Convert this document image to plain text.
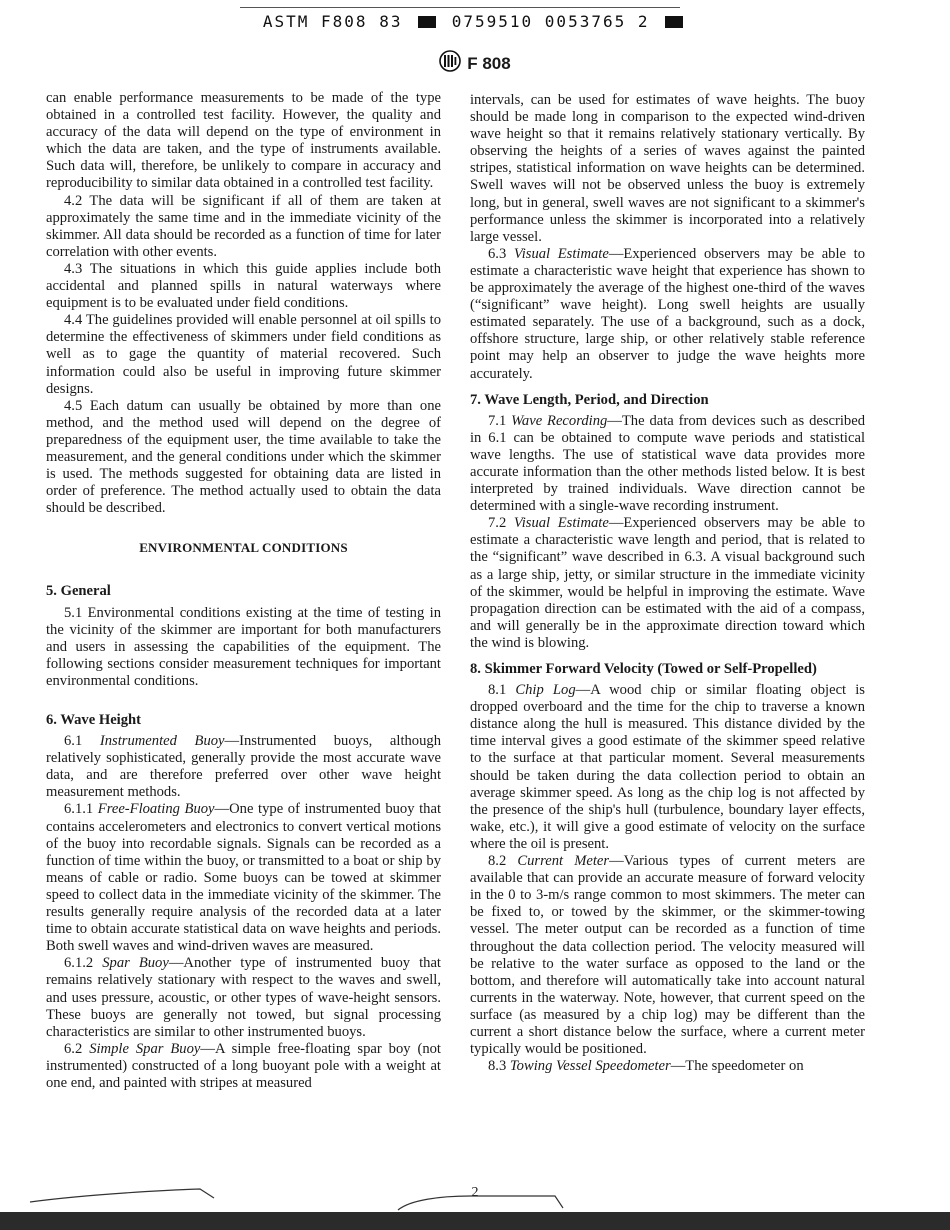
ASTM F808 83	0759510 0053765 2
F 808

can enable performance measurements to be made of the type obtained in a controlled test facility. However, the quality and accuracy of the data will depend on the type of environment in which the data are taken, and the type of instruments available. Such data will, therefore, be unlikely to compare in accuracy and reproducibility to similar data obtained in a controlled test facility.

4.2 The data will be significant if all of them are taken at approximately the same time and in the immediate vicinity of the skimmer. All data should be recorded as a function of time for later correlation with other events.

4.3 The situations in which this guide applies include both accidental and planned spills in natural waterways where equipment is to be evaluated under field conditions.

4.4 The guidelines provided will enable personnel at oil spills to determine the effectiveness of skimmers under field conditions as well as to gage the quantity of material recovered. Such information could also be useful in improving future skimmer designs.

4.5 Each datum can usually be obtained by more than one method, and the method used will depend on the degree of preparedness of the equipment user, the time available to take the measurement, and the general conditions under which the skimmer is used. The methods suggested for obtaining data are listed in order of preference. The method actually used to obtain the data should be described.

ENVIRONMENTAL CONDITIONS
5. General

5.1 Environmental conditions existing at the time of testing in the vicinity of the skimmer are important for both manufacturers and users in assessing the capabilities of the equipment. The following sections consider measurement techniques for important environmental conditions.

6. Wave Height

6.1 Instrumented Buoy—Instrumented buoys, although relatively sophisticated, generally provide the most accurate wave data, and are therefore preferred over other wave height measurement methods.

6.1.1 Free-Floating Buoy—One type of instrumented buoy that contains accelerometers and electronics to convert vertical motions of the buoy into recordable signals. Signals can be recorded as a function of time within the buoy, or transmitted to a boat or ship by means of cable or radio. Some buoys can be towed at skimmer speed to collect data in the immediate vicinity of the skimmer. The results generally require analysis of the recorded data at a later time to obtain accurate statistical data on wave heights and periods. Both swell waves and wind-driven waves are measured.

6.1.2 Spar Buoy—Another type of instrumented buoy that remains relatively stationary with respect to the waves and swell, and uses pressure, acoustic, or other types of wave-height sensors. These buoys are generally not towed, but signal processing characteristics are similar to other instrumented buoys.

6.2 Simple Spar Buoy—A simple free-floating spar boy (not instrumented) constructed of a long buoyant pole with a weight at one end, and painted with stripes at measured

intervals, can be used for estimates of wave heights. The buoy should be made long in comparison to the expected wind-driven wave height so that it remains relatively stationary vertically. By observing the heights of a series of waves against the painted stripes, statistical information on wave heights can be determined. Swell waves will not be observed unless the buoy is extremely long, but in general, swell waves are not significant to a skimmer's performance unless the skimmer is incorporated into a relatively large vessel.

6.3 Visual Estimate—Experienced observers may be able to estimate a characteristic wave height that experience has shown to be approximately the average of the highest one-third of the waves (“significant” wave height). Long swell heights are usually estimated separately. The use of a background, such as a dock, offshore structure, large ship, or other relatively stable reference point may help an observer to judge the wave heights more accurately.

7. Wave Length, Period, and Direction

7.1 Wave Recording—The data from devices such as described in 6.1 can be obtained to compute wave periods and statistical wave lengths. The use of statistical wave data provides more accurate information than the other methods listed below. It is best interpreted by trained individuals. Wave direction cannot be determined with a single-wave recording instrument.

7.2 Visual Estimate—Experienced observers may be able to estimate a characteristic wave length and period, that is related to the “significant” wave described in 6.3. A visual background such as a large ship, jetty, or similar structure in the immediate vicinity of the skimmer, would be helpful in improving the estimate. Wave propagation direction can be estimated with the aid of a compass, and will generally be in the approximate direction toward which the wind is blowing.

8. Skimmer Forward Velocity (Towed or Self-Propelled)

8.1 Chip Log—A wood chip or similar floating object is dropped overboard and the time for the chip to traverse a known distance along the hull is measured. This distance divided by the time interval gives a good estimate of the skimmer speed relative to the surface at that particular moment. Several measurements should be taken during the data collection period to obtain an average skimmer speed. As long as the chip log is not affected by the presence of the ship's hull (turbulence, boundary layer effects, wake, etc.), it will give a good estimate of velocity on the surface where the oil is present.

8.2 Current Meter—Various types of current meters are available that can provide an accurate measure of forward velocity in the 0 to 3-m/s range common to most skimmers. The meter can be fixed to, or towed by the skimmer, or the skimmer-towing vessel. The meter output can be recorded as a function of time throughout the data collection period. The velocity measured will be relative to the water surface as opposed to the land or the bottom, and therefore will automatically take into account natural currents in the waterway. Note, however, that current speed on the surface (as measured by a chip log) may be different than the current a short distance below the surface, where a current meter typically would be positioned.

8.3 Towing Vessel Speedometer—The speedometer on

2
